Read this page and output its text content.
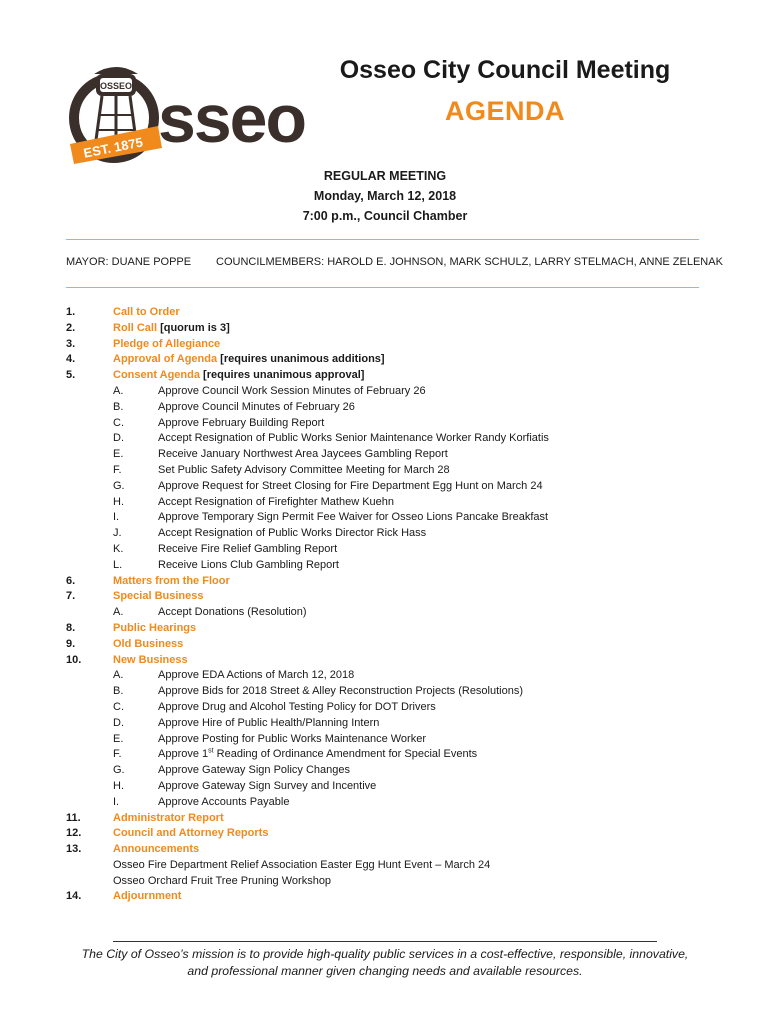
OSSEO
EST. 1875 sseo
Osseo City Council Meeting
AGENDA
REGULAR MEETING
Monday, March 12, 2018
7:00 p.m., Council Chamber
MAYOR: DUANE POPPE COUNCILMEMBERS: HAROLD E. JOHNSON, MARK SCHULZ, LARRY STELMACH, ANNE ZELENAK
1.	Call to Order
2.	Roll Call [quorum is 3]
3.	Pledge of Allegiance
4.	Approval of Agenda [requires unanimous additions]
5.	Consent Agenda [requires unanimous approval]
A.	Approve Council Work Session Minutes of February 26
B.	Approve Council Minutes of February 26
C.	Approve February Building Report
D.	Accept Resignation of Public Works Senior Maintenance Worker Randy Korfiatis
E.	Receive January Northwest Area Jaycees Gambling Report
F.	Set Public Safety Advisory Committee Meeting for March 28
G.	Approve Request for Street Closing for Fire Department Egg Hunt on March 24
H.	Accept Resignation of Firefighter Mathew Kuehn
I.	Approve Temporary Sign Permit Fee Waiver for Osseo Lions Pancake Breakfast
J.	Accept Resignation of Public Works Director Rick Hass
K.	Receive Fire Relief Gambling Report
L.	Receive Lions Club Gambling Report
6.	Matters from the Floor
7.	Special Business
A.	Accept Donations (Resolution)
8.	Public Hearings
9.	Old Business
10.	New Business
A.	Approve EDA Actions of March 12, 2018
B.	Approve Bids for 2018 Street & Alley Reconstruction Projects (Resolutions)
C.	Approve Drug and Alcohol Testing Policy for DOT Drivers
D.	Approve Hire of Public Health/Planning Intern
E.	Approve Posting for Public Works Maintenance Worker
F.	Approve 1st Reading of Ordinance Amendment for Special Events
G.	Approve Gateway Sign Policy Changes
H.	Approve Gateway Sign Survey and Incentive
I.	Approve Accounts Payable
11.	Administrator Report
12.	Council and Attorney Reports
13.	Announcements
Osseo Fire Department Relief Association Easter Egg Hunt Event – March 24
Osseo Orchard Fruit Tree Pruning Workshop
14.	Adjournment
The City of Osseo’s mission is to provide high-quality public services in a cost-effective, responsible, innovative,
and professional manner given changing needs and available resources.
